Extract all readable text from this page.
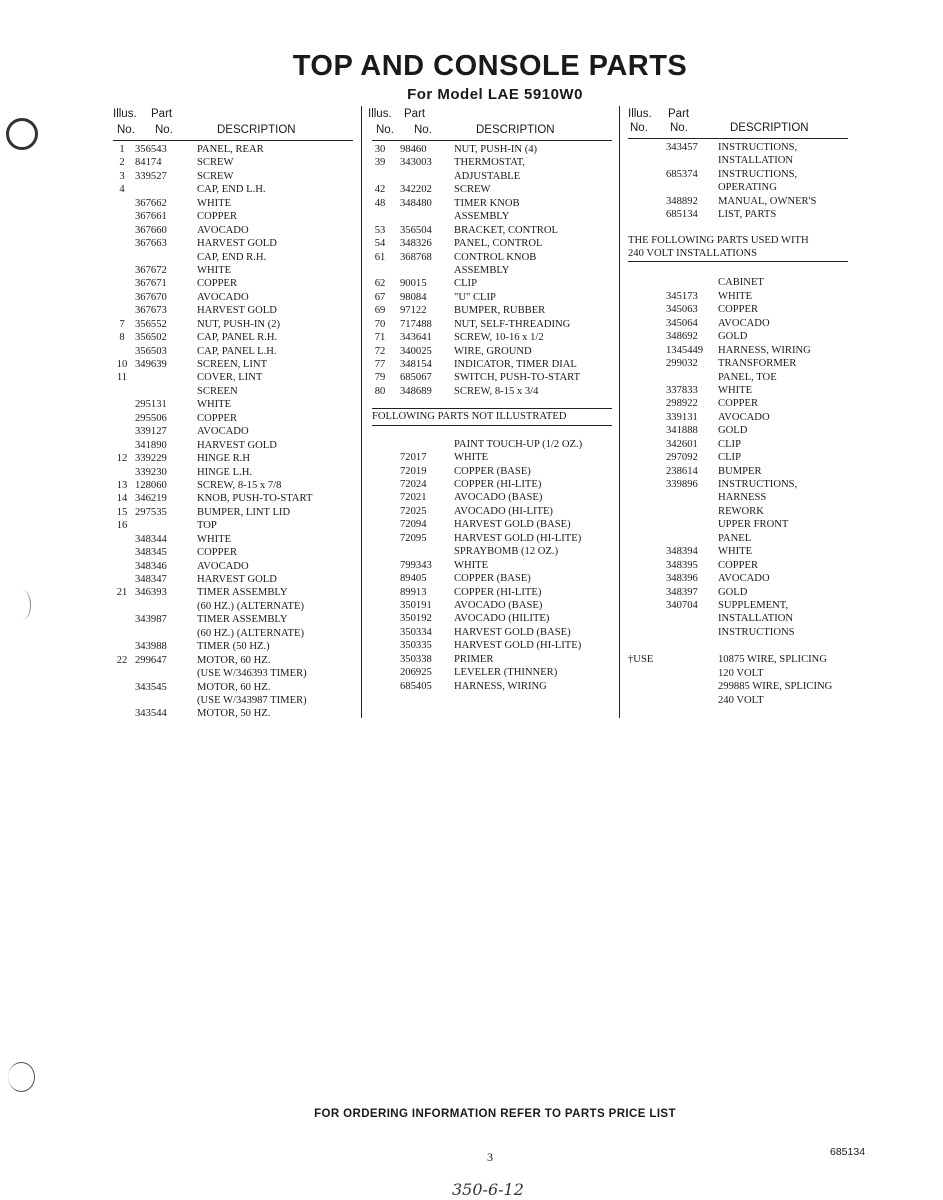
TOP AND CONSOLE PARTS
For Model LAE 5910W0
Illus. Part
No. No.	DESCRIPTION
1 356543	PANEL, REAR
2 84174	SCREW
3 339527	SCREW
4	CAP, END L.H.
367662	WHITE
367661	COPPER
367660	AVOCADO
367663	HARVEST GOLD
CAP, END R.H.
367672	WHITE
367671	COPPER
367670	AVOCADO
367673	HARVEST GOLD
7 356552	NUT, PUSH-IN (2)
8 356502	CAP, PANEL R.H.
356503	CAP, PANEL L.H.
10 349639	SCREEN, LINT
11	COVER, LINT
SCREEN
295131	WHITE
295506	COPPER
339127	AVOCADO
341890	HARVEST GOLD
12 339229	HINGE R.H
339230	HINGE L.H.
13 128060	SCREW, 8-15 x 7/8
14 346219	KNOB, PUSH-TO-START
15 297535	BUMPER, LINT LID
16	TOP
348344	WHITE
348345	COPPER
348346	AVOCADO
348347	HARVEST GOLD
21 346393	TIMER ASSEMBLY
(60 HZ.) (ALTERNATE)
343987	TIMER ASSEMBLY
(60 HZ.) (ALTERNATE)
343988	TIMER (50 HZ.)
22 299647	MOTOR, 60 HZ.
(USE W/346393 TIMER)
343545	MOTOR, 60 HZ.
(USE W/343987 TIMER)
343544	MOTOR, 50 HZ.
Illus. Part
No. No.	DESCRIPTION
30	98460	NUT, PUSH-IN (4)
39	343003 THERMOSTAT,
ADJUSTABLE
42	342202 SCREW
48	348480 TIMER KNOB
ASSEMBLY
53	356504 BRACKET, CONTROL
54	348326 PANEL, CONTROL
61	368768 CONTROL KNOB
ASSEMBLY
62	90015	CLIP
67	98084	"U" CLIP
69	97122	BUMPER, RUBBER
70	717488 NUT, SELF-THREADING
71	343641 SCREW, 10-16 x 1/2
72	340025 WIRE, GROUND
77	348154 INDICATOR, TIMER DIAL
79	685067 SWITCH, PUSH-TO-START
80	348689 SCREW, 8-15 x 3/4
FOLLOWING PARTS NOT ILLUSTRATED
PAINT TOUCH-UP (1/2 OZ.)
72017	WHITE
72019	COPPER (BASE)
72024	COPPER (HI-LITE)
72021	AVOCADO (BASE)
72025	AVOCADO (HI-LITE)
72094	HARVEST GOLD (BASE)
72095	HARVEST GOLD (HI-LITE)
SPRAYBOMB (12 OZ.)
799343 WHITE
89405	COPPER (BASE)
89913	COPPER (HI-LITE)
350191 AVOCADO (BASE)
350192 AVOCADO (HILITE)
350334 HARVEST GOLD (BASE)
350335 HARVEST GOLD (HI-LITE)
350338 PRIMER
206925 LEVELER (THINNER)
685405 HARNESS, WIRING
Illus. Part
No. No.	DESCRIPTION
343457 INSTRUCTIONS,
INSTALLATION
685374 INSTRUCTIONS,
OPERATING
348892 MANUAL, OWNER'S
685134 LIST, PARTS
THE FOLLOWING PARTS USED WITH
240 VOLT INSTALLATIONS
CABINET
345173 WHITE
345063 COPPER
345064 AVOCADO
348692 GOLD
1345449 HARNESS, WIRING
299032 TRANSFORMER
PANEL, TOE
337833 WHITE
298922 COPPER
339131 AVOCADO
341888 GOLD
342601 CLIP
297092 CLIP
238614 BUMPER
339896 INSTRUCTIONS,
HARNESS
REWORK
UPPER FRONT
PANEL
348394 WHITE
348395 COPPER
348396 AVOCADO
348397 GOLD
340704 SUPPLEMENT,
INSTALLATION
INSTRUCTIONS
†USE	10875 WIRE, SPLICING
120 VOLT
299885 WIRE, SPLICING
240 VOLT
FOR ORDERING INFORMATION REFER TO PARTS PRICE LIST
3	685134
350-6-12
